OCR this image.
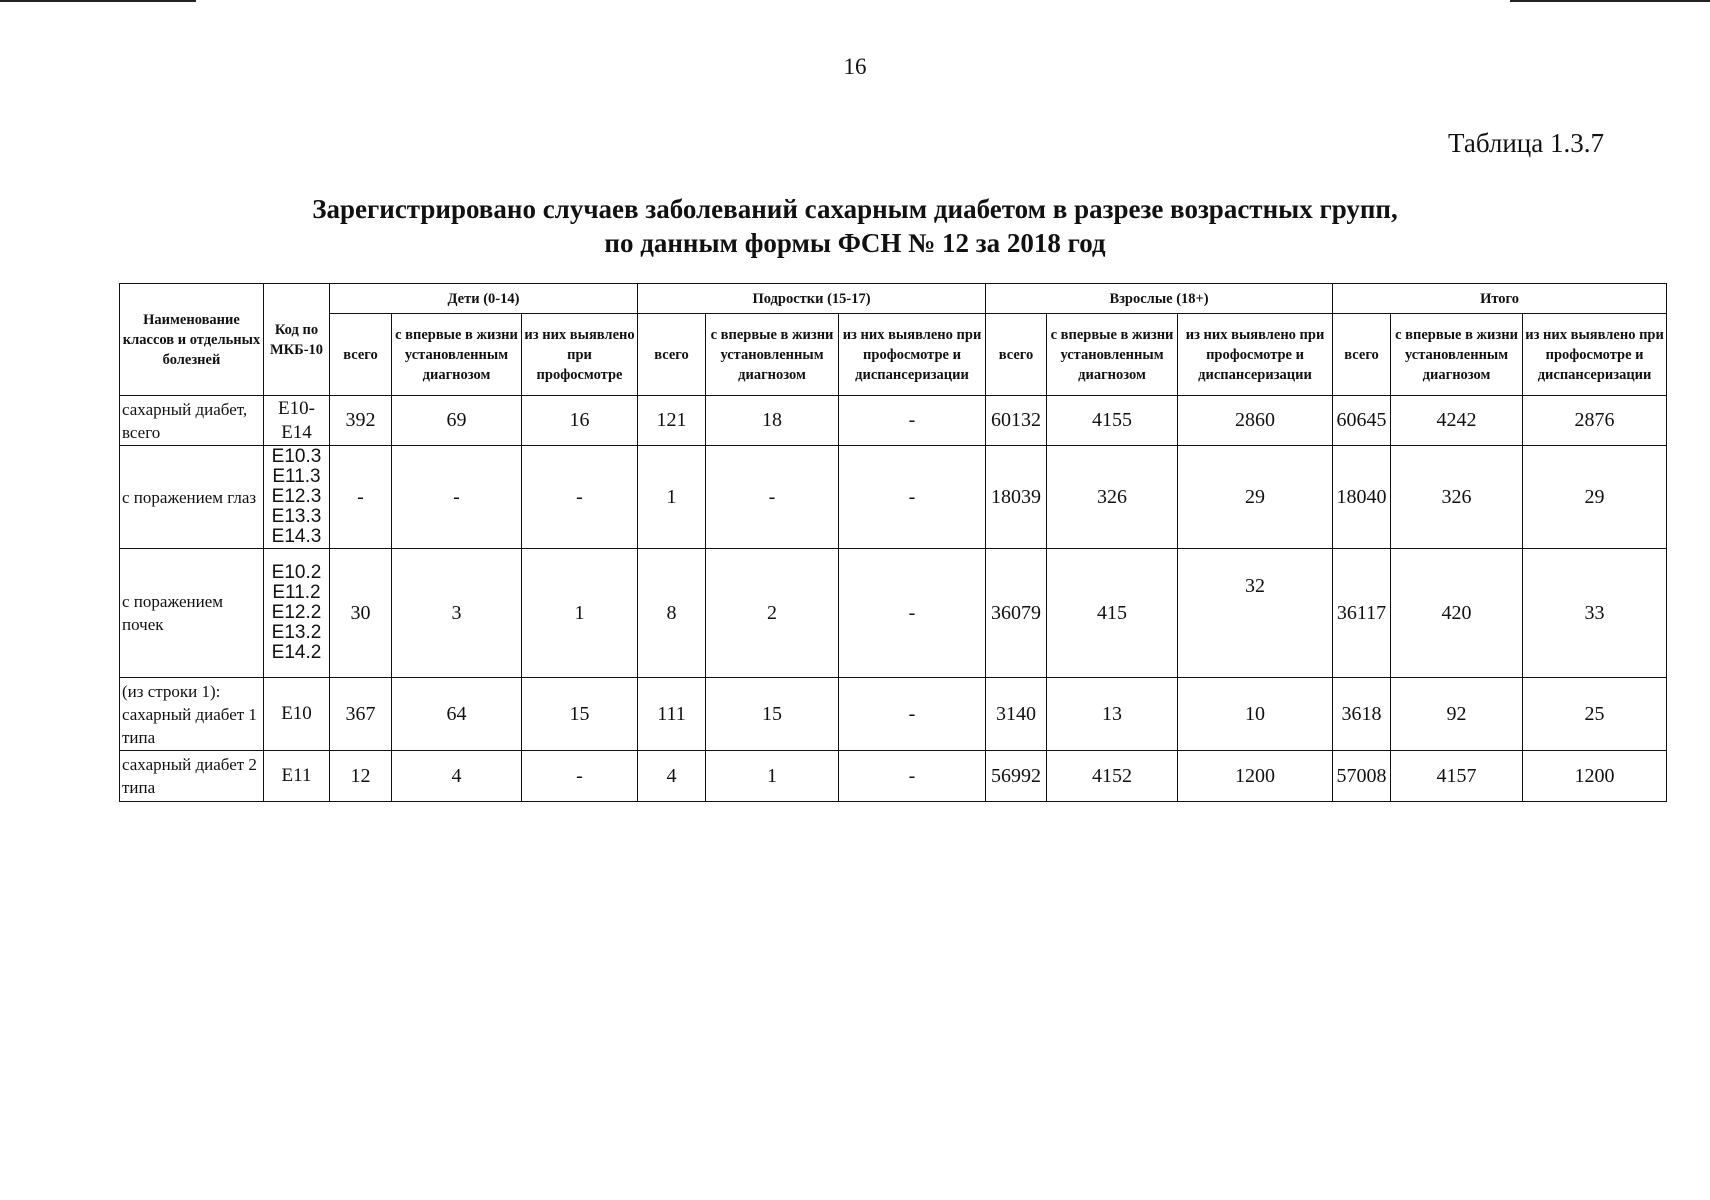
16
Таблица 1.3.7
Зарегистрировано случаев заболеваний сахарным диабетом в разрезе возрастных групп,
по данным формы ФСН № 12 за 2018 год
Наименование классов и отдельных болезней	Код по МКБ-10	Дети (0-14)			Подростки (15-17)			Взрослые (18+)			Итого		
		всего	с впервые в жизни установленным диагнозом	из них выявлено при профосмотре	всего	с впервые в жизни установленным диагнозом	из них выявлено при профосмотре и диспансеризации	всего	с впервые в жизни установленным диагнозом	из них выявлено при профосмотре и диспансеризации	всего	с впервые в жизни установленным диагнозом	из них выявлено при профосмотре и диспансеризации
сахарный диабет, всего	E10-
E14	392	69	16	121	18	-	60132	4155	2860	60645	4242	2876
с поражением глаз	E10.3
E11.3
E12.3
E13.3
E14.3	-	-	-	1	-	-	18039	326	29	18040	326	29
с поражением почек	E10.2
E11.2
E12.2
E13.2
E14.2	30	3	1	8	2	-	36079	415	32	36117	420	33
(из строки 1): сахарный диабет 1 типа	E10	367	64	15	111	15	-	3140	13	10	3618	92	25
сахарный диабет 2 типа	E11	12	4	-	4	1	-	56992	4152	1200	57008	4157	1200
